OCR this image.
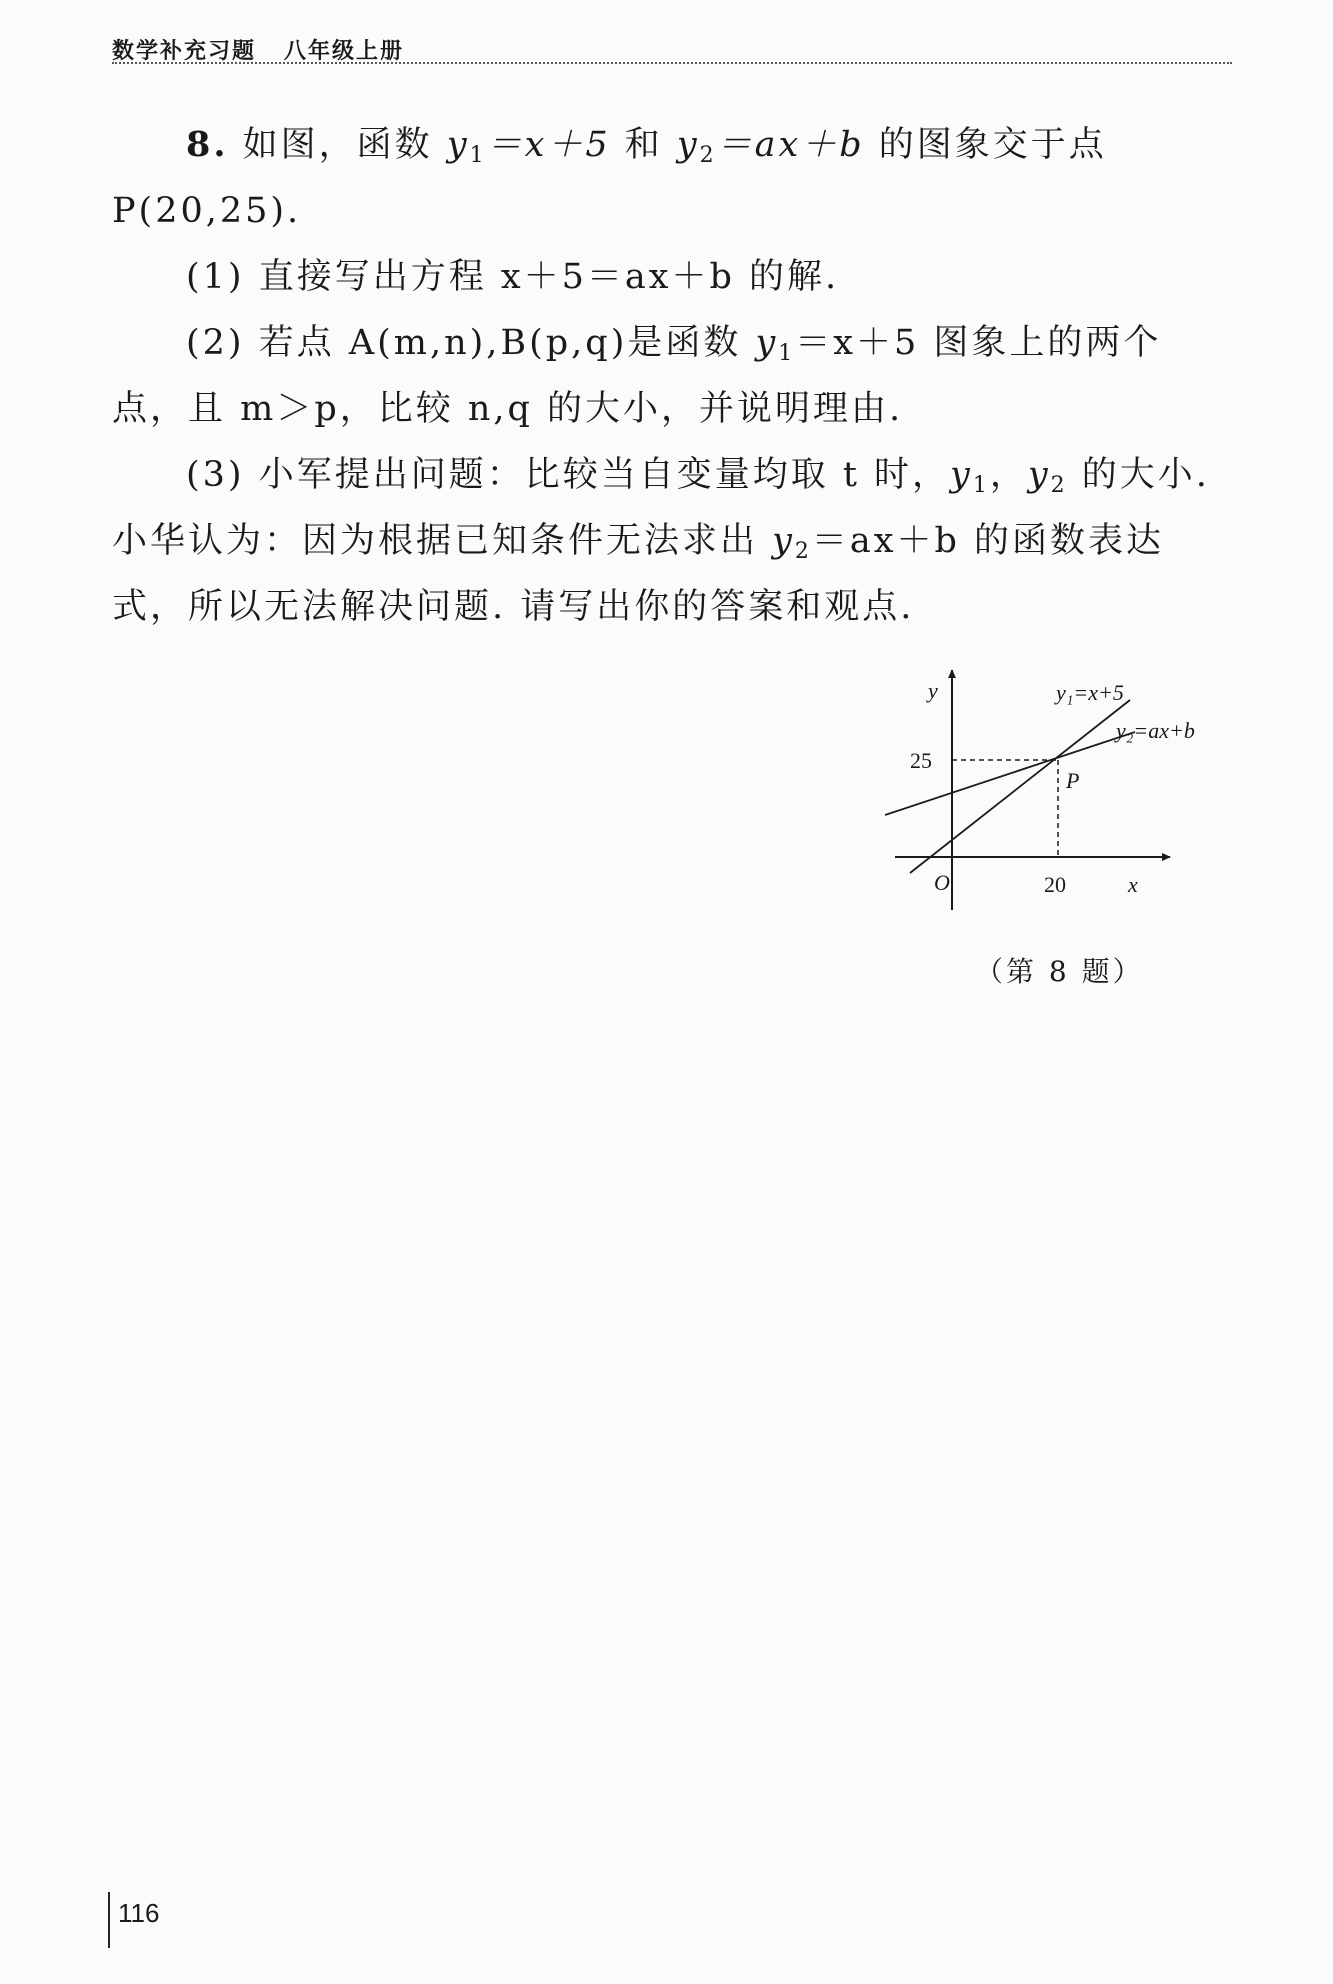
数学补充习题 八年级上册
8. 如图，函数 $y_1=x+5$ 和 $y_2=ax+b$ 的图象交于点
P(20,25).
(1) 直接写出方程 x＋5＝ax＋b 的解.
(2) 若点 A(m,n),B(p,q)是函数 $y_1=x+5$ 图象上的两个点，且 m＞p，比较 n,q 的大小，并说明理由.
(3) 小军提出问题：比较当自变量均取 t 时，$y_1$，$y_2$ 的大小. 小华认为：因为根据已知条件无法求出 $y_2=ax+b$ 的函数表达式，所以无法解决问题. 请写出你的答案和观点.
y
x
O
25
20
P
y₁=x+5
y₂=ax+b
（第 8 题）
116
